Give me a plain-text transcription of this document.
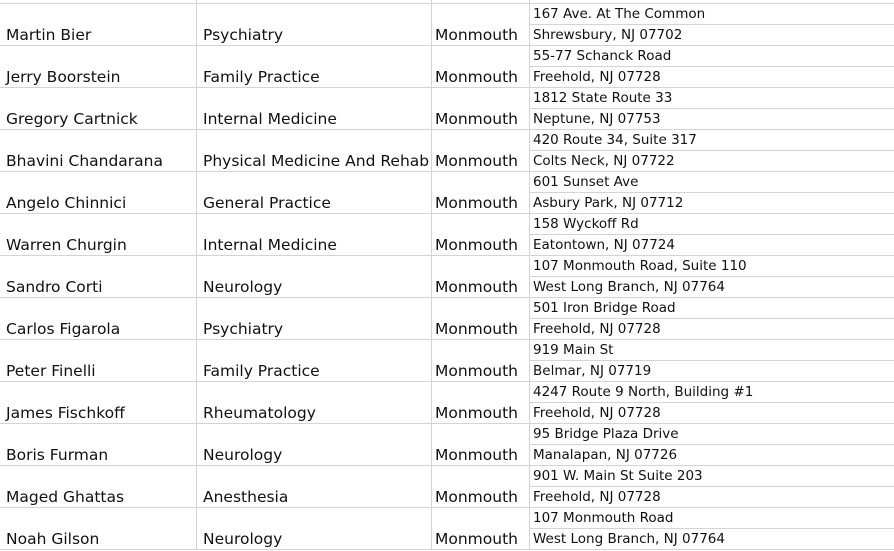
Martin Bier	Psychiatry	Monmouth
167 Ave. At The Common
Shrewsbury, NJ 07702
Jerry Boorstein	Family Practice	Monmouth
55-77 Schanck Road
Freehold, NJ 07728
Gregory Cartnick	Internal Medicine	Monmouth
1812 State Route 33
Neptune, NJ 07753
Bhavini Chandarana	Physical Medicine And Rehab Monmouth
420 Route 34, Suite 317
Colts Neck, NJ 07722
Angelo Chinnici	General Practice	Monmouth
601 Sunset Ave
Asbury Park, NJ 07712
Warren Churgin	Internal Medicine	Monmouth
158 Wyckoff Rd
Eatontown, NJ 07724
Sandro Corti	Neurology	Monmouth
107 Monmouth Road, Suite 110
West Long Branch, NJ 07764
Carlos Figarola	Psychiatry	Monmouth
501 Iron Bridge Road
Freehold, NJ 07728
Peter Finelli	Family Practice	Monmouth
919 Main St
Belmar, NJ 07719
James Fischkoff	Rheumatology	Monmouth
4247 Route 9 North, Building #1
Freehold, NJ 07728
Boris Furman	Neurology	Monmouth
95 Bridge Plaza Drive
Manalapan, NJ 07726
Maged Ghattas	Anesthesia	Monmouth
901 W. Main St Suite 203
Freehold, NJ 07728
Noah Gilson	Neurology	Monmouth
107 Monmouth Road
West Long Branch, NJ 07764
